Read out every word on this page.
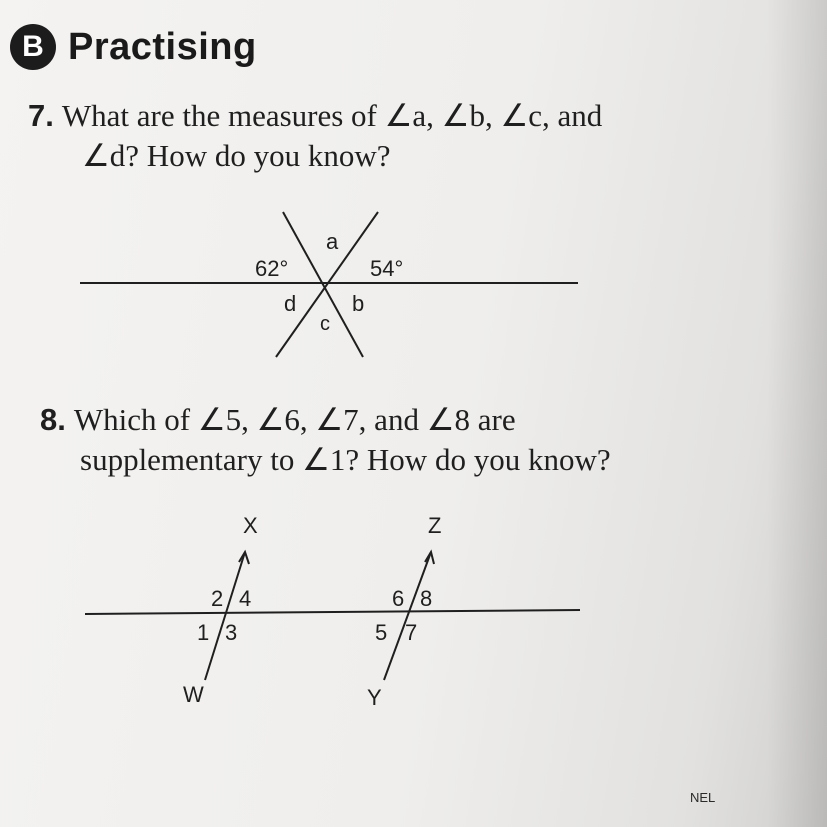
B Practising
7. What are the measures of ∠a, ∠b, ∠c, and
∠d? How do you know?
62°	54°
a
d
c
b
8. Which of ∠5, ∠6, ∠7, and ∠8 are
supplementary to ∠1? How do you know?
X	Z
W	Y
2 4
1 3
6 8
5 7
NEL
